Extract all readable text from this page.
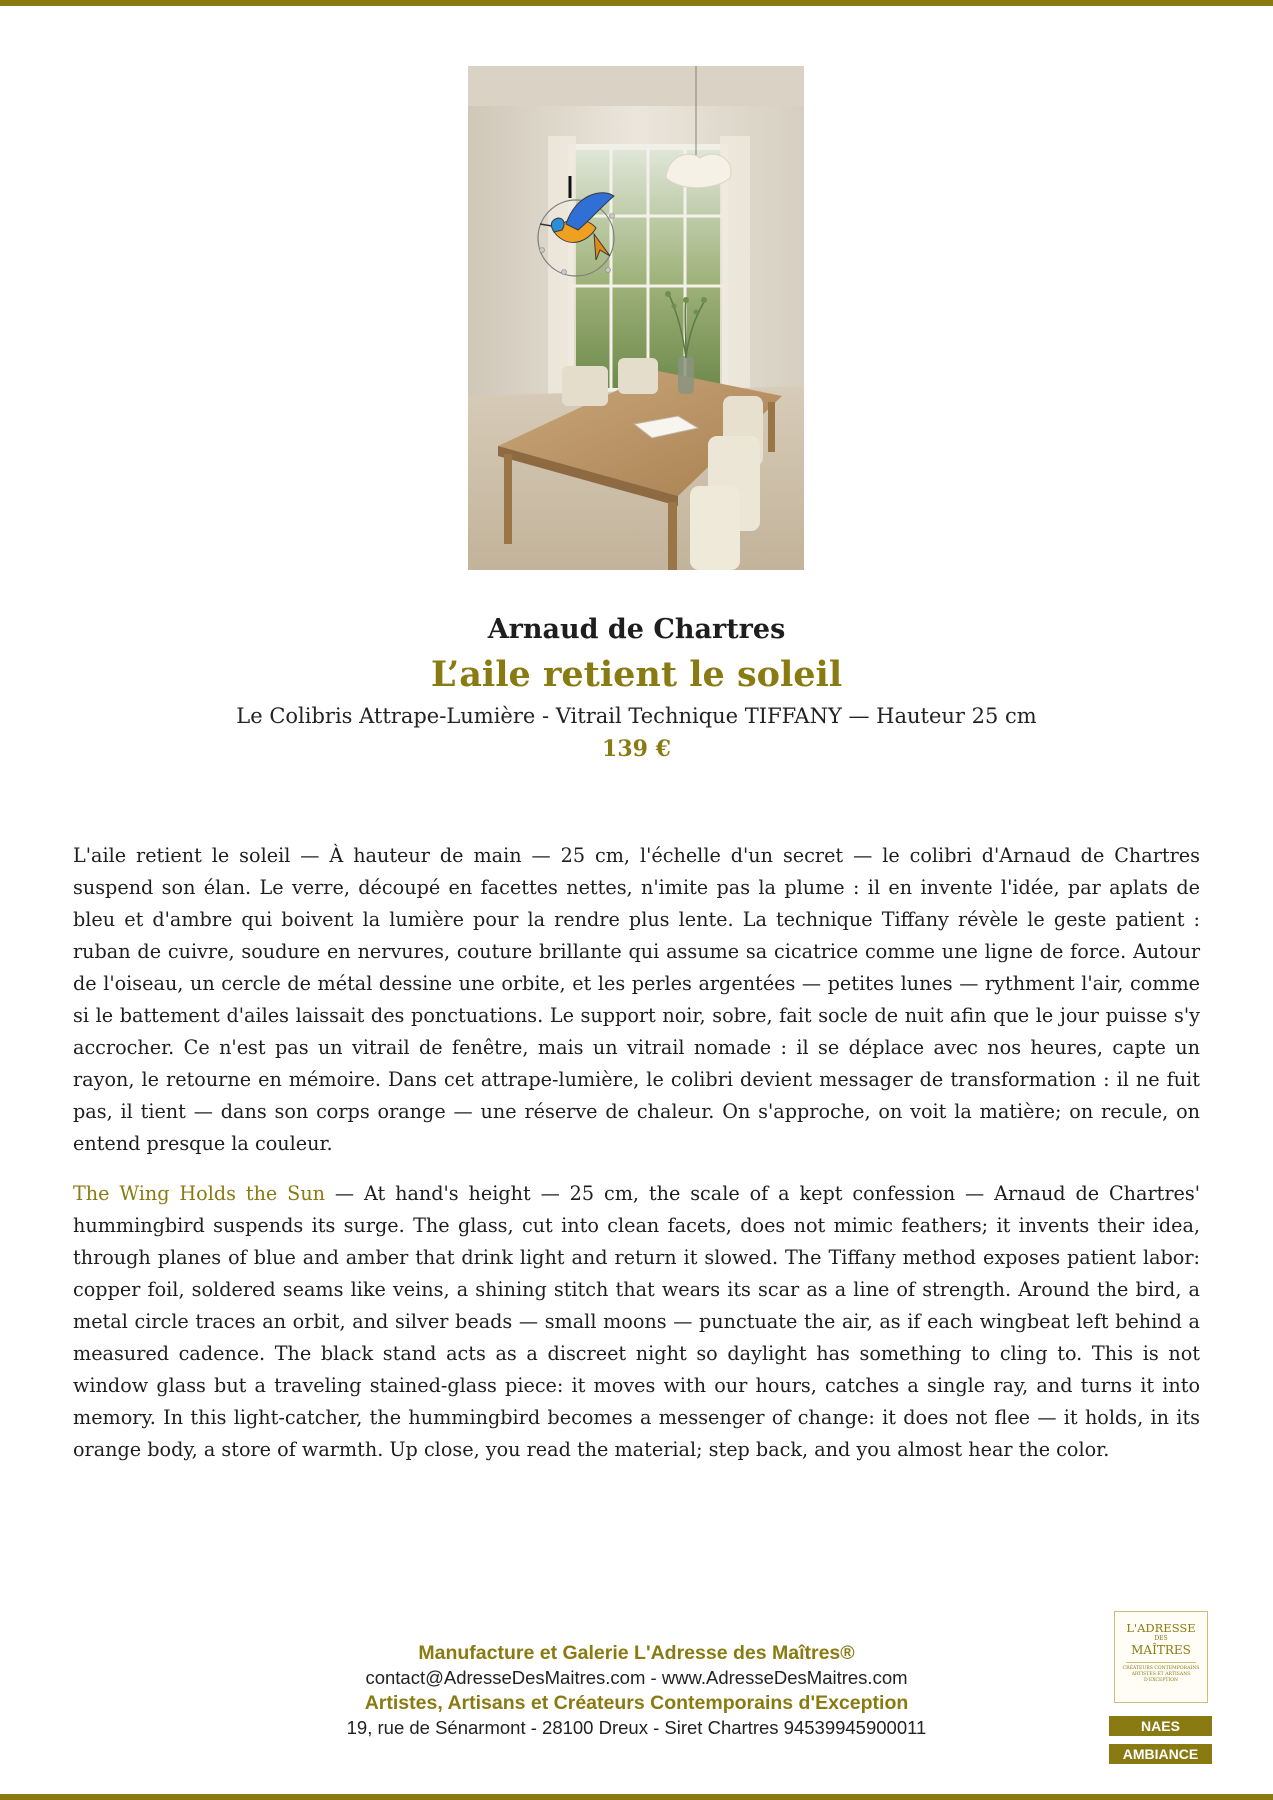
Arnaud de Chartres
L’aile retient le soleil
Le Colibris Attrape-Lumière - Vitrail Technique TIFFANY — Hauteur 25 cm
139 €

L'aile retient le soleil — À hauteur de main — 25 cm, l'échelle d'un secret — le colibri d'Arnaud de Chartres suspend son élan. Le verre, découpé en facettes nettes, n'imite pas la plume : il en invente l'idée, par aplats de bleu et d'ambre qui boivent la lumière pour la rendre plus lente. La technique Tiffany révèle le geste patient : ruban de cuivre, soudure en nervures, couture brillante qui assume sa cicatrice comme une ligne de force. Autour de l'oiseau, un cercle de métal dessine une orbite, et les perles argentées — petites lunes — rythment l'air, comme si le battement d'ailes laissait des ponctuations. Le support noir, sobre, fait socle de nuit afin que le jour puisse s'y accrocher. Ce n'est pas un vitrail de fenêtre, mais un vitrail nomade : il se déplace avec nos heures, capte un rayon, le retourne en mémoire. Dans cet attrape-lumière, le colibri devient messager de transformation : il ne fuit pas, il tient — dans son corps orange — une réserve de chaleur. On s'approche, on voit la matière; on recule, on entend presque la couleur.

The Wing Holds the Sun — At hand's height — 25 cm, the scale of a kept confession — Arnaud de Chartres' hummingbird suspends its surge. The glass, cut into clean facets, does not mimic feathers; it invents their idea, through planes of blue and amber that drink light and return it slowed. The Tiffany method exposes patient labor: copper foil, soldered seams like veins, a shining stitch that wears its scar as a line of strength. Around the bird, a metal circle traces an orbit, and silver beads — small moons — punctuate the air, as if each wingbeat left behind a measured cadence. The black stand acts as a discreet night so daylight has something to cling to. This is not window glass but a traveling stained-glass piece: it moves with our hours, catches a single ray, and turns it into memory. In this light-catcher, the hummingbird becomes a messenger of change: it does not flee — it holds, in its orange body, a store of warmth. Up close, you read the material; step back, and you almost hear the color.

Manufacture et Galerie L'Adresse des Maîtres®
contact@AdresseDesMaitres.com - www.AdresseDesMaitres.com
Artistes, Artisans et Créateurs Contemporains d'Exception
19, rue de Sénarmont - 28100 Dreux - Siret Chartres 94539945900011
L'ADRESSE
DES
MAÎTRES
CRÉATEURS CONTEMPORAINS ARTISTES ET ARTISANS D'EXCEPTION
NAES
AMBIANCE
